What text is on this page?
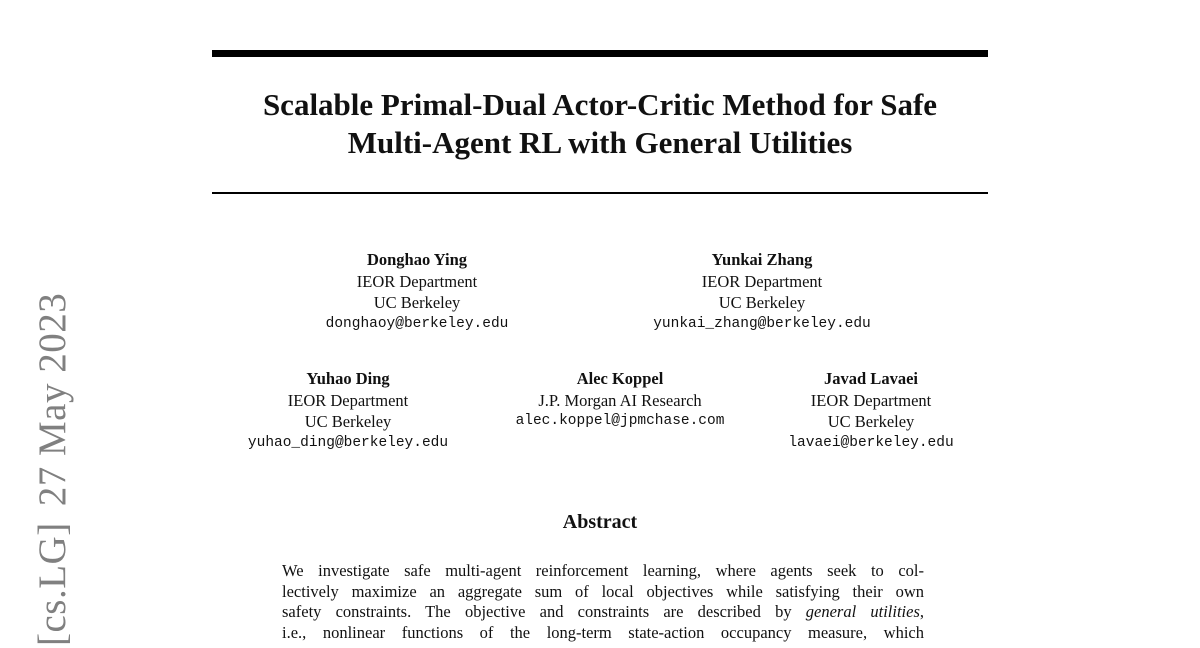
Scalable Primal-Dual Actor-Critic Method for Safe
Multi-Agent RL with General Utilities
Donghao Ying
IEOR Department
UC Berkeley
donghaoy@berkeley.edu
Yunkai Zhang
IEOR Department
UC Berkeley
yunkai_zhang@berkeley.edu
Yuhao Ding
IEOR Department
UC Berkeley
yuhao_ding@berkeley.edu
Alec Koppel
J.P. Morgan AI Research
alec.koppel@jpmchase.com
Javad Lavaei
IEOR Department
UC Berkeley
lavaei@berkeley.edu
Abstract
We investigate safe multi-agent reinforcement learning, where agents seek to col-
lectively maximize an aggregate sum of local objectives while satisfying their own
safety constraints. The objective and constraints are described by general utilities,
i.e., nonlinear functions of the long-term state-action occupancy measure, which
[cs.LG]27 May 2023
